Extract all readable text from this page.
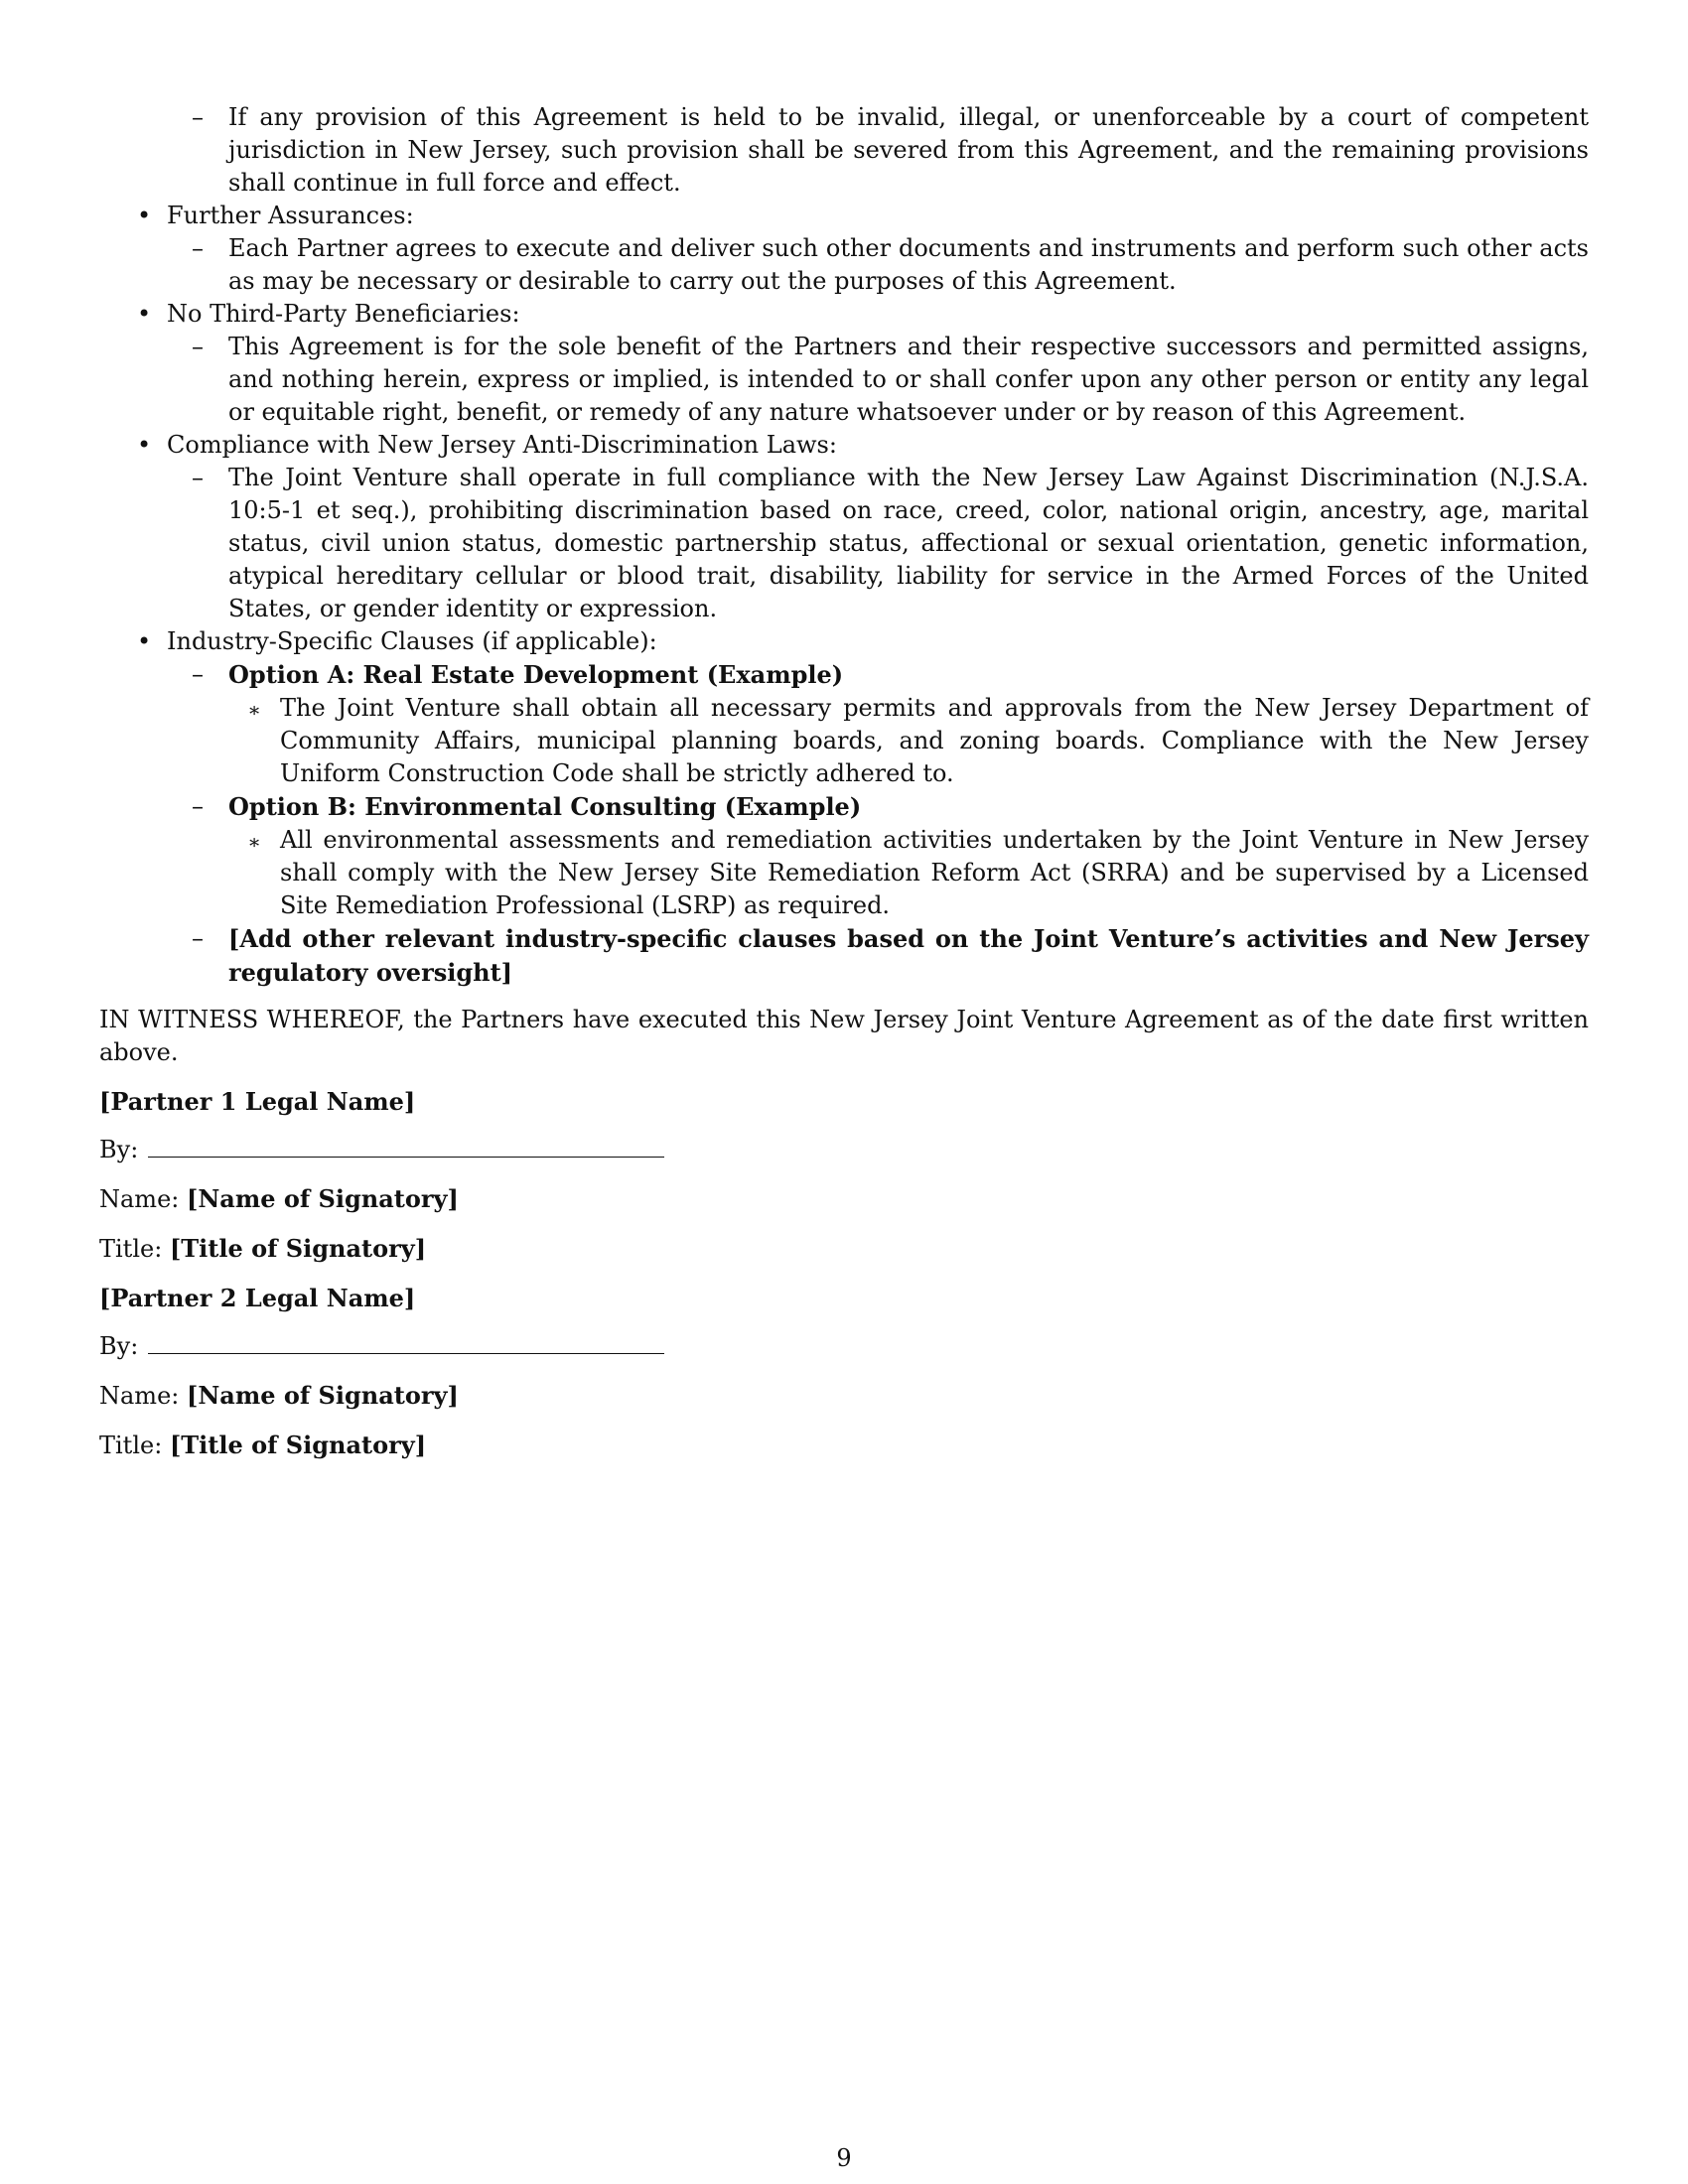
–	If any provision of this Agreement is held to be invalid, illegal, or unenforceable by a court of competent jurisdiction in New Jersey, such provision shall be severed from this Agreement, and the remaining provisions shall continue in full force and effect.
• Further Assurances:
–	Each Partner agrees to execute and deliver such other documents and instruments and perform such other acts as may be necessary or desirable to carry out the purposes of this Agreement.
• No Third-Party Beneficiaries:
–	This Agreement is for the sole benefit of the Partners and their respective successors and permitted assigns, and nothing herein, express or implied, is intended to or shall confer upon any other person or entity any legal or equitable right, benefit, or remedy of any nature whatsoever under or by reason of this Agreement.
• Compliance with New Jersey Anti-Discrimination Laws:
–	The Joint Venture shall operate in full compliance with the New Jersey Law Against Discrimination (N.J.S.A. 10:5-1 et seq.), prohibiting discrimination based on race, creed, color, national origin, ancestry, age, marital status, civil union status, domestic partnership status, affectional or sexual orientation, genetic information, atypical hereditary cellular or blood trait, disability, liability for service in the Armed Forces of the United States, or gender identity or expression.
• Industry-Specific Clauses (if applicable):
–	Option A: Real Estate Development (Example)
∗ The Joint Venture shall obtain all necessary permits and approvals from the New Jersey Department of Community Affairs, municipal planning boards, and zoning boards. Compliance with the New Jersey Uniform Construction Code shall be strictly adhered to.
–	Option B: Environmental Consulting (Example)
∗ All environmental assessments and remediation activities undertaken by the Joint Venture in New Jersey shall comply with the New Jersey Site Remediation Reform Act (SRRA) and be supervised by a Licensed Site Remediation Professional (LSRP) as required.
–	[Add other relevant industry-specific clauses based on the Joint Venture’s activities and New Jersey regulatory oversight]
IN WITNESS WHEREOF, the Partners have executed this New Jersey Joint Venture Agreement as of the date first written above.
[Partner 1 Legal Name]
By:
Name: [Name of Signatory]
Title: [Title of Signatory]
[Partner 2 Legal Name]
By:
Name: [Name of Signatory]
Title: [Title of Signatory]
9
